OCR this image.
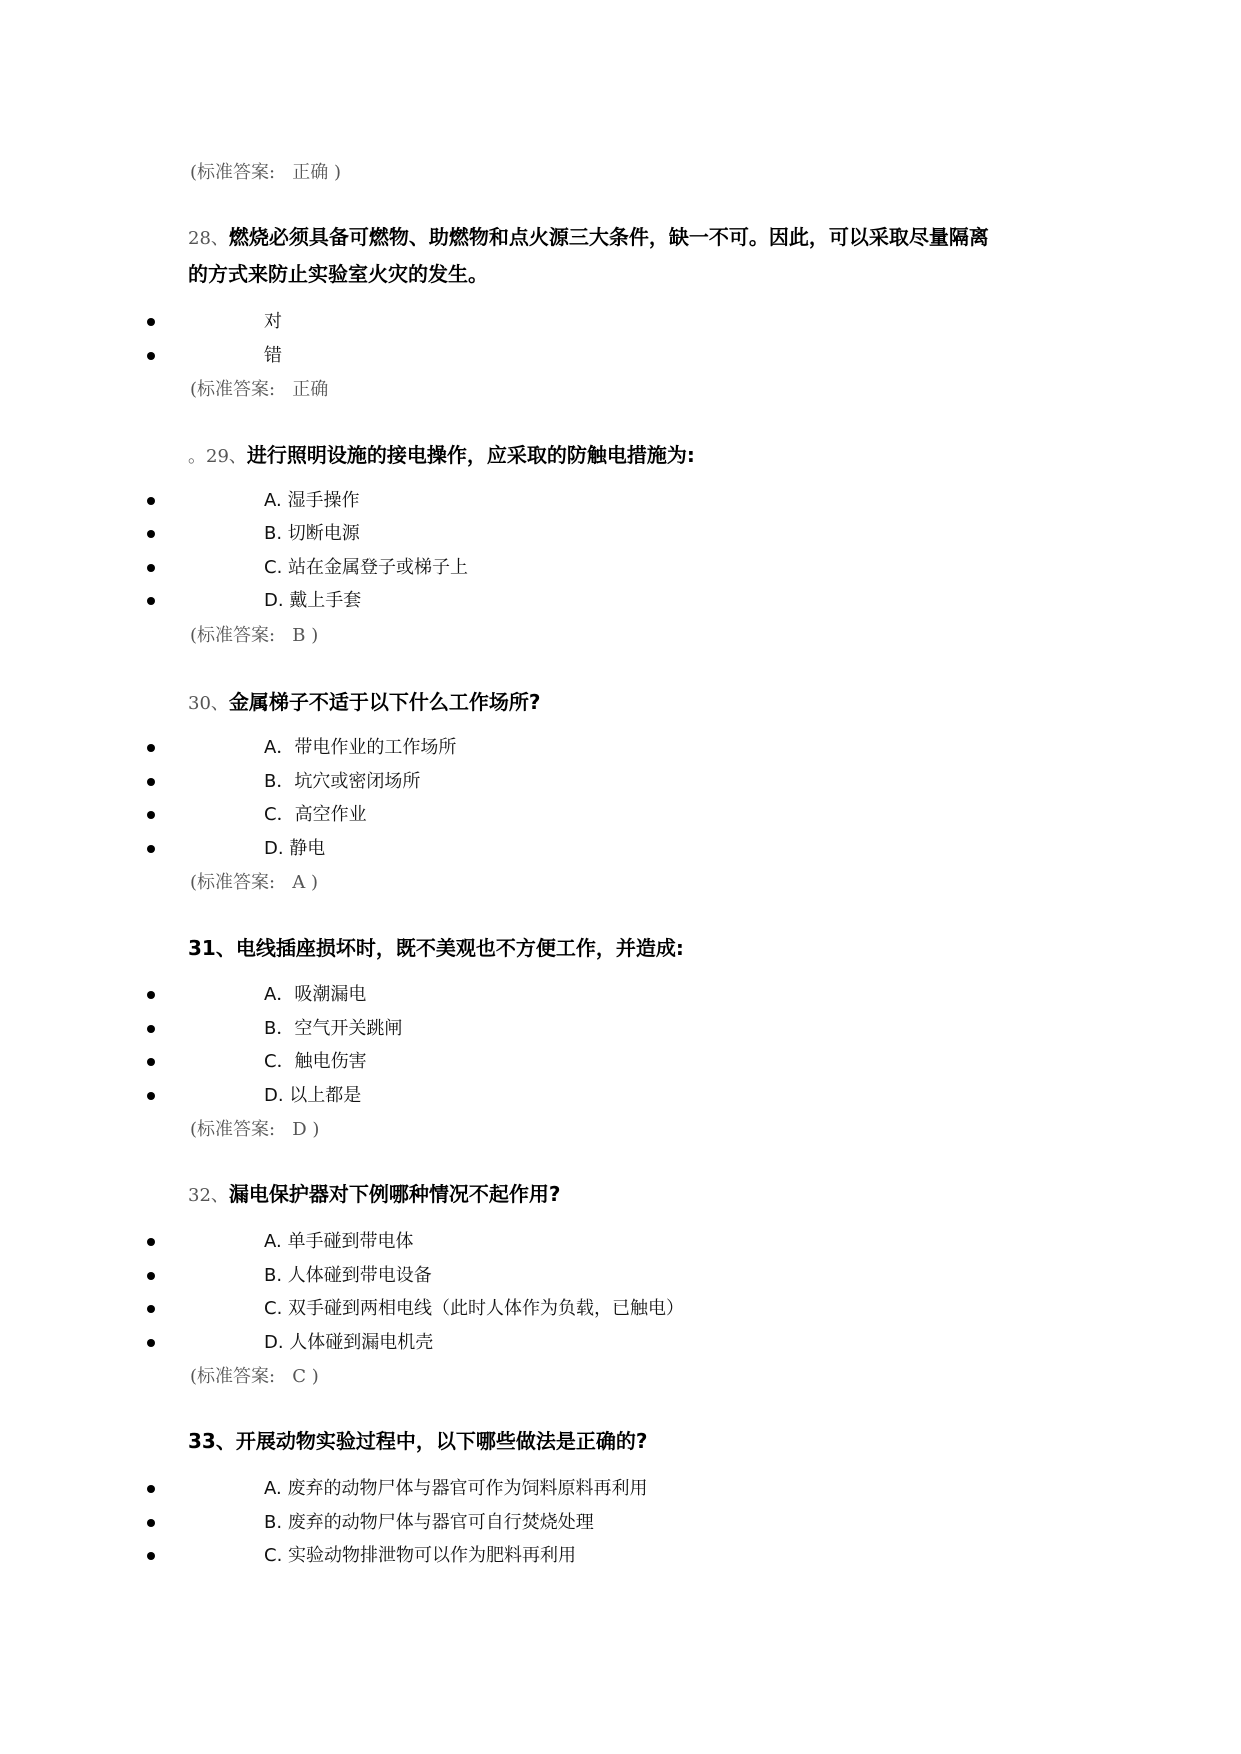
(标准答案: 正确 )
28、燃烧必须具备可燃物、助燃物和点火源三大条件，缺一不可。因此，可以采取尽量隔离
的方式来防止实验室火灾的发生。
对
错
(标准答案: 正确
。29、进行照明设施的接电操作，应采取的防触电措施为:
A. 湿手操作
B. 切断电源
C. 站在金属登子或梯子上
D. 戴上手套
(标准答案: B )
30、金属梯子不适于以下什么工作场所?
A．带电作业的工作场所
B．坑穴或密闭场所
C．高空作业
D. 静电
(标准答案: A )
31、电线插座损坏时，既不美观也不方便工作，并造成:
A．吸潮漏电
B．空气开关跳闸
C．触电伤害
D. 以上都是
(标准答案: D )
32、漏电保护器对下例哪种情况不起作用?
A. 单手碰到带电体
B. 人体碰到带电设备
C. 双手碰到两相电线（此时人体作为负载，已触电）
D. 人体碰到漏电机壳
(标准答案: C )
33、开展动物实验过程中，以下哪些做法是正确的?
A. 废弃的动物尸体与器官可作为饲料原料再利用
B. 废弃的动物尸体与器官可自行焚烧处理
C. 实验动物排泄物可以作为肥料再利用
